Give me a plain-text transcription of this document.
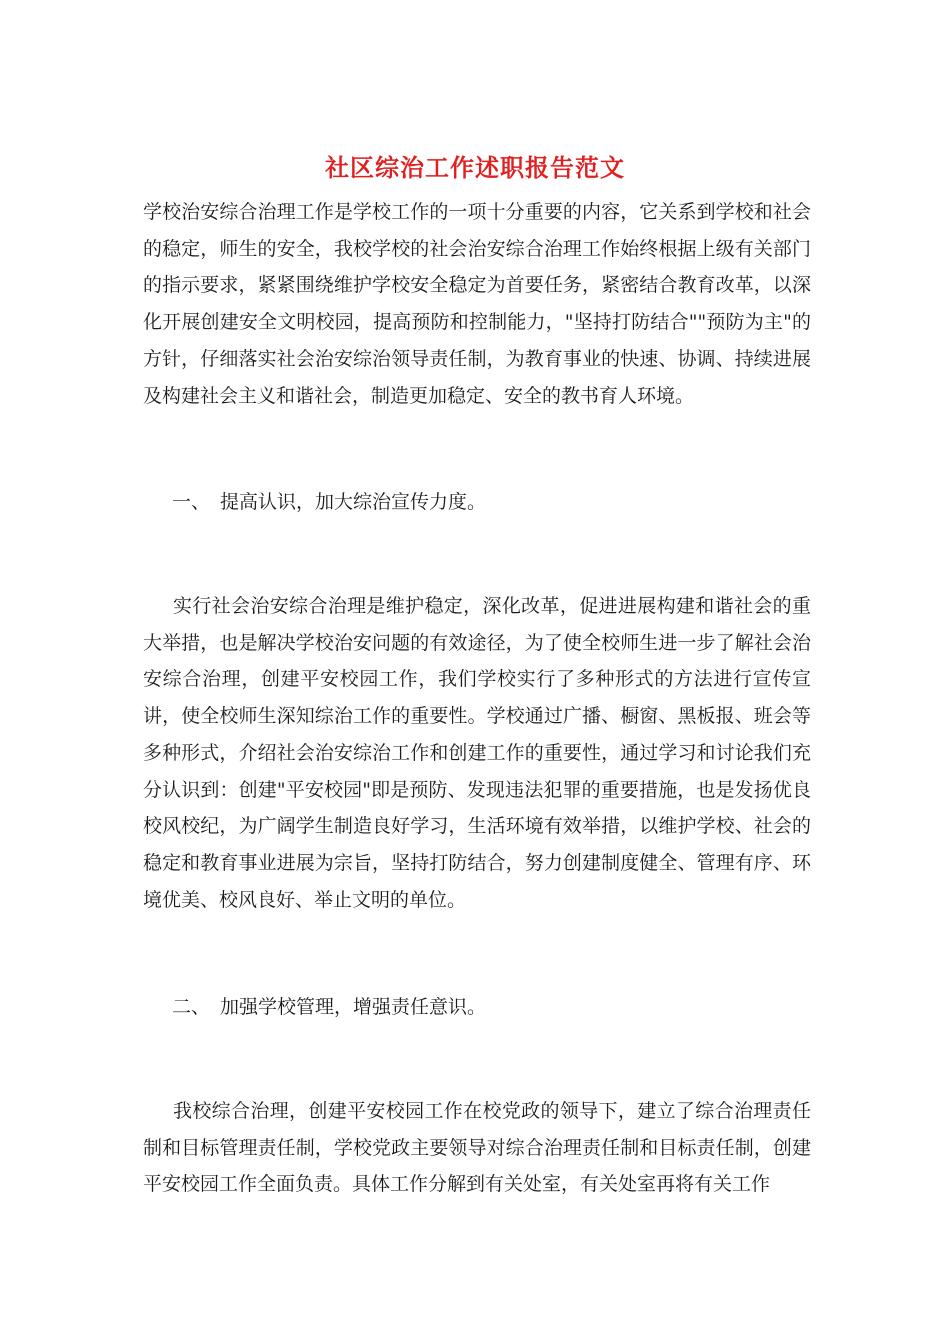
社区综治工作述职报告范文

学校治安综合治理工作是学校工作的一项十分重要的内容，它关系到学校和社会的稳定，师生的安全，我校学校的社会治安综合治理工作始终根据上级有关部门的指示要求，紧紧围绕维护学校安全稳定为首要任务，紧密结合教育改革，以深化开展创建安全文明校园，提高预防和控制能力，"坚持打防结合""预防为主"的方针，仔细落实社会治安综治领导责任制，为教育事业的快速、协调、持续进展及构建社会主义和谐社会，制造更加稳定、安全的教书育人环境。

一、 提高认识，加大综治宣传力度。

实行社会治安综合治理是维护稳定，深化改革，促进进展构建和谐社会的重大举措，也是解决学校治安问题的有效途径，为了使全校师生进一步了解社会治安综合治理，创建平安校园工作，我们学校实行了多种形式的方法进行宣传宣讲，使全校师生深知综治工作的重要性。学校通过广播、橱窗、黑板报、班会等多种形式，介绍社会治安综治工作和创建工作的重要性，通过学习和讨论我们充分认识到：创建"平安校园"即是预防、发现违法犯罪的重要措施，也是发扬优良校风校纪，为广阔学生制造良好学习，生活环境有效举措，以维护学校、社会的稳定和教育事业进展为宗旨，坚持打防结合，努力创建制度健全、管理有序、环境优美、校风良好、举止文明的单位。

二、 加强学校管理，增强责任意识。

我校综合治理，创建平安校园工作在校党政的领导下，建立了综合治理责任制和目标管理责任制，学校党政主要领导对综合治理责任制和目标责任制，创建平安校园工作全面负责。具体工作分解到有关处室，有关处室再将有关工作
